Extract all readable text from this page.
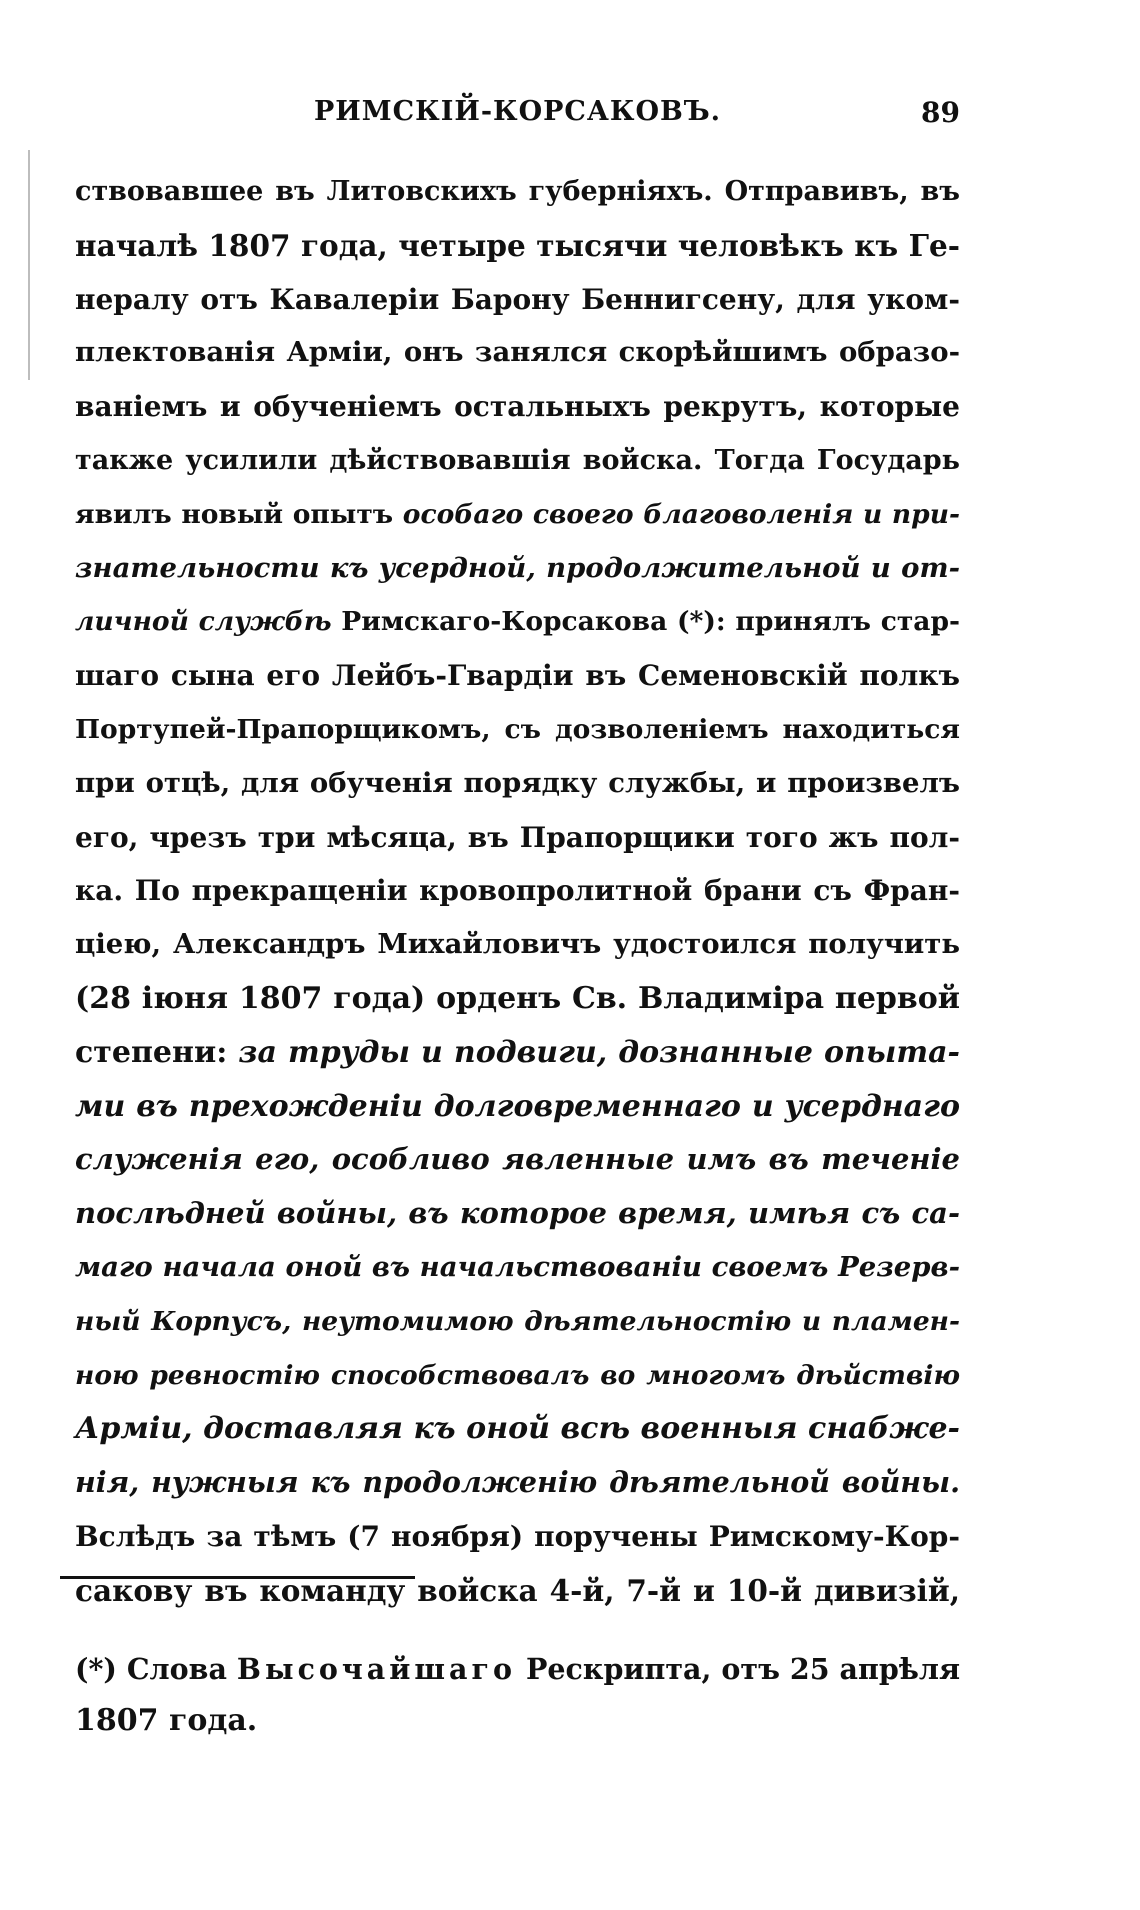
РИМСКІЙ-КОРСАКОВЪ.	89
ствовавшее въ Литовскихъ губерніяхъ. Отправивъ, въ
началѣ 1807 года, четыре тысячи человѣкъ къ Ге-
нералу отъ Кавалеріи Барону Беннигсену, для уком-
плектованія Арміи, онъ занялся скорѣйшимъ образо-
ваніемъ и обученіемъ остальныхъ рекрутъ, которые
также усилили дѣйствовавшія войска. Тогда Государь
явилъ новый опытъ особаго своего благоволенія и при-
знательности къ усердной, продолжительной и от-
личной службѣ Римскаго-Корсакова (*): принялъ стар-
шаго сына его Лейбъ-Гвардіи въ Семеновскій полкъ
Портупей-Прапорщикомъ, съ дозволеніемъ находиться
при отцѣ, для обученія порядку службы, и произвелъ
его, чрезъ три мѣсяца, въ Прапорщики того жъ пол-
ка. По прекращеніи кровопролитной брани съ Фран-
ціею, Александръ Михайловичъ удостоился получить
(28 іюня 1807 года) орденъ Св. Владиміра первой
степени: за труды и подвиги, дознанные опыта-
ми въ прехожденіи долговременнаго и усерднаго
служенія его, особливо явленные имъ въ теченіе
послѣдней войны, въ которое время, имѣя съ са-
маго начала оной въ начальствованіи своемъ Резерв-
ный Корпусъ, неутомимою дѣятельностію и пламен-
ною ревностію способствовалъ во многомъ дѣйствію
Арміи, доставляя къ оной всѣ военныя снабже-
нія, нужныя къ продолженію дѣятельной войны.
Вслѣдъ за тѣмъ (7 ноября) поручены Римскому-Кор-
сакову въ команду войска 4-й, 7-й и 10-й дивизій,
(*) Слова Высочайшаго Рескрипта, отъ 25 апрѣля
1807 года.
